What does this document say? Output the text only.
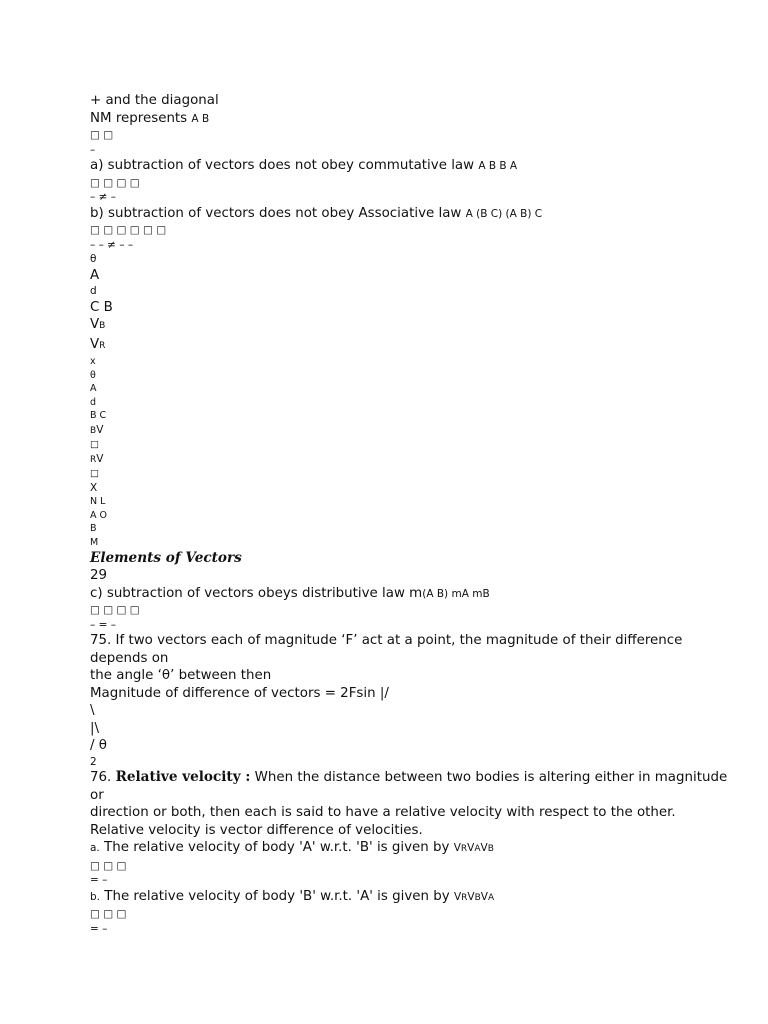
+ and the diagonal
NM represents A B
□ □
–
a) subtraction of vectors does not obey commutative law A B B A
□ □ □ □
– ≠ –
b) subtraction of vectors does not obey Associative law A (B C) (A B) C
□ □ □ □ □ □
– – ≠ – –
θ
A
d
C B
VB
VR
x
θ
A
d
B C
BV
□
RV
□
X
N L
A O
B
M
Elements of Vectors
29
c) subtraction of vectors obeys distributive law m(A B) mA mB
□ □ □ □
– = –
75. If two vectors each of magnitude ‘F’ act at a point, the magnitude of their difference depends on
the angle ‘θ’ between then
Magnitude of difference of vectors = 2Fsin |/
\
|\
/ θ
2
76. Relative velocity : When the distance between two bodies is altering either in magnitude or
direction or both, then each is said to have a relative velocity with respect to the other.
Relative velocity is vector difference of velocities.
a. The relative velocity of body 'A' w.r.t. 'B' is given by VRVAVB
□ □ □
= –
b. The relative velocity of body 'B' w.r.t. 'A' is given by VRVBVA
□ □ □
= –
